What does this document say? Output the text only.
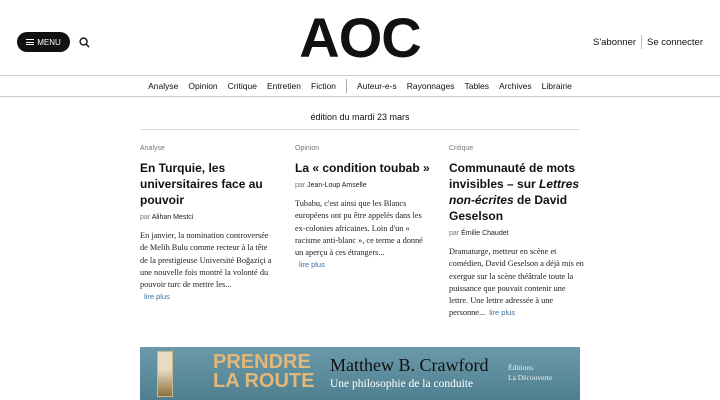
MENU	AOC	S'abonner Se connecter
Analyse Opinion Critique Entretien Fiction Auteur-e-s Rayonnages Tables Archives Librairie
édition du mardi 23 mars
Analyse
En Turquie, les universitaires face au pouvoir
par Alihan Mestci
En janvier, la nomination controversée de Melih Bulu comme recteur à la tête de la prestigieuse Université Boğaziçi a une nouvelle fois montré la volonté du pouvoir turc de mettre les...
lire plus
Opinion
La « condition toubab »
par Jean-Loup Amselle
Tubabu, c'est ainsi que les Blancs européens ont pu être appelés dans les ex-colonies africaines. Loin d'un « racisme anti-blanc », ce terme a donné un aperçu à ces étrangers...
lire plus
Critique
Communauté de mots invisibles – sur Lettres non-écrites de David Geselson
par Émilie Chaudet
Dramaturge, metteur en scène et comédien, David Geselson a déjà mis en exergue sur la scène théâtrale toute la puissance que pouvait contenir une lettre. Une lettre adressée à une personne... lire plus
PRENDRE
LA ROUTE
Matthew B. Crawford
Une philosophie de la conduite
Éditions
La Découverte
